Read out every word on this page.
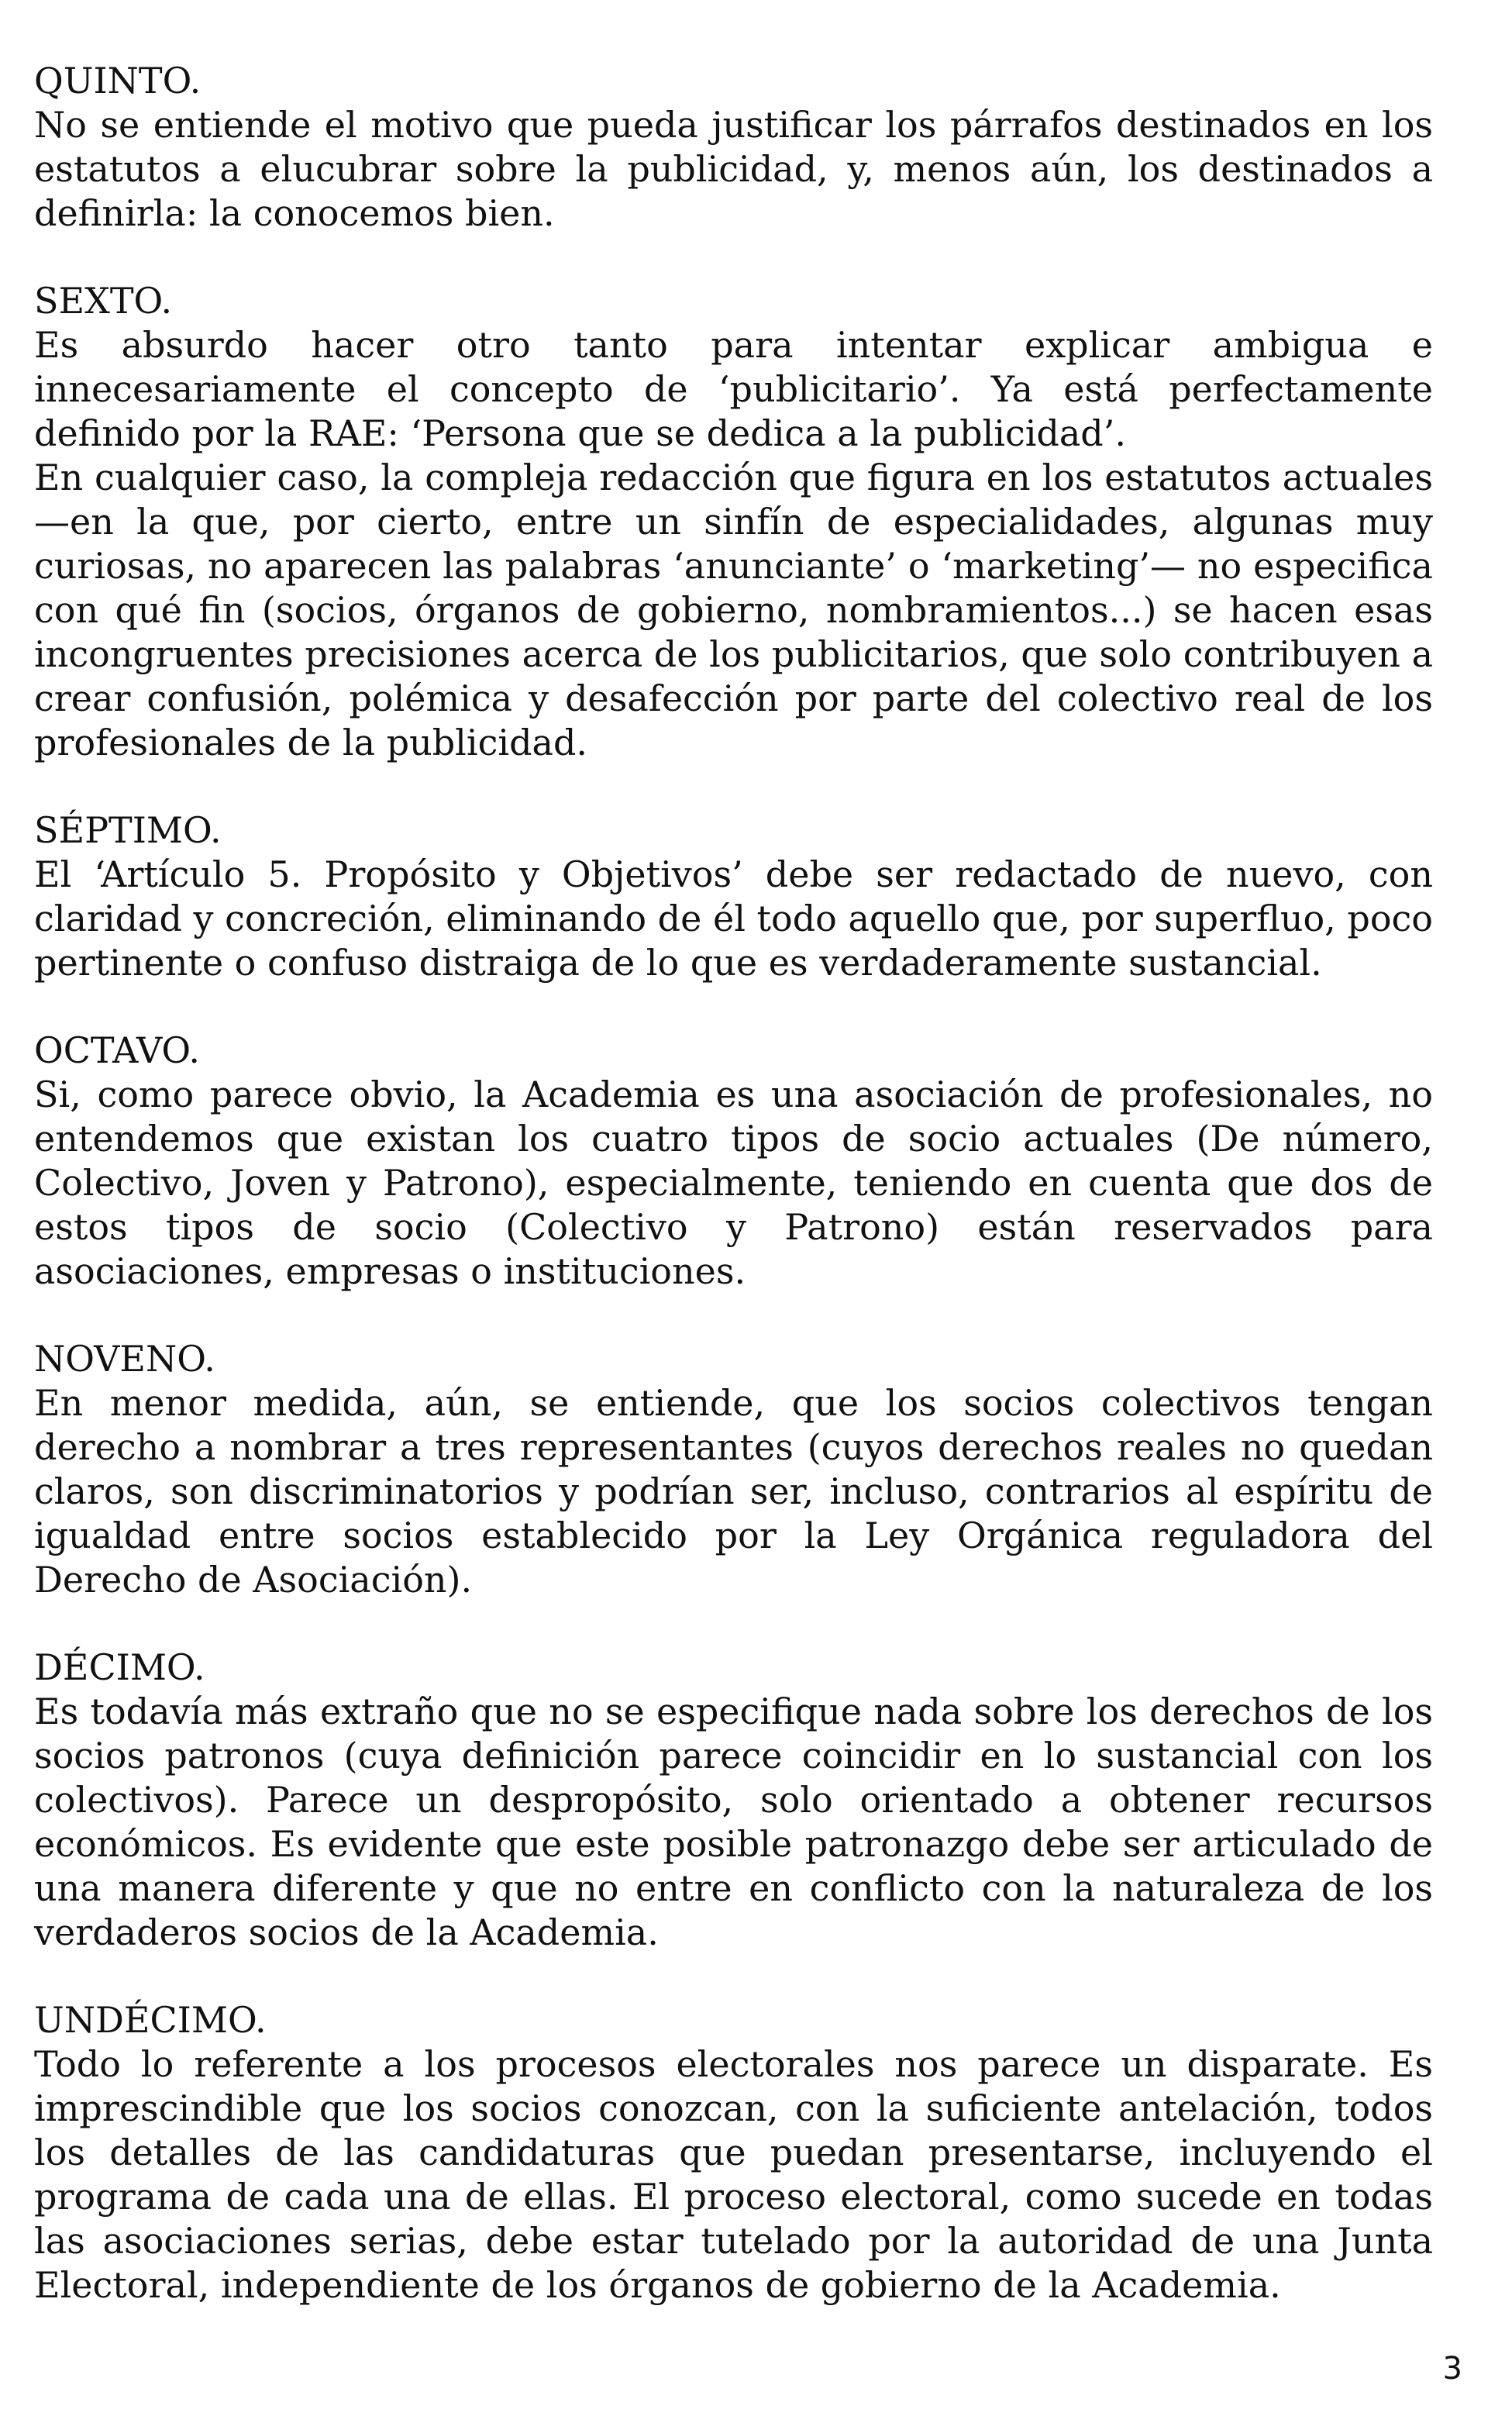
QUINTO.

No se entiende el motivo que pueda justificar los párrafos destinados en los estatutos a elucubrar sobre la publicidad, y, menos aún, los destinados a definirla: la conocemos bien.

SEXTO.

Es absurdo hacer otro tanto para intentar explicar ambigua e innecesariamente el concepto de ‘publicitario’. Ya está perfectamente definido por la RAE: ‘Persona que se dedica a la publicidad’.

En cualquier caso, la compleja redacción que figura en los estatutos actuales —en la que, por cierto, entre un sinfín de especialidades, algunas muy curiosas, no aparecen las palabras ‘anunciante’ o ‘marketing’— no especifica con qué fin (socios, órganos de gobierno, nombramientos...) se hacen esas incongruentes precisiones acerca de los publicitarios, que solo contribuyen a crear confusión, polémica y desafección por parte del colectivo real de los profesionales de la publicidad.

SÉPTIMO.

El ‘Artículo 5. Propósito y Objetivos’ debe ser redactado de nuevo, con claridad y concreción, eliminando de él todo aquello que, por superfluo, poco pertinente o confuso distraiga de lo que es verdaderamente sustancial.

OCTAVO.

Si, como parece obvio, la Academia es una asociación de profesionales, no entendemos que existan los cuatro tipos de socio actuales (De número, Colectivo, Joven y Patrono), especialmente, teniendo en cuenta que dos de estos tipos de socio (Colectivo y Patrono) están reservados para asociaciones, empresas o instituciones.

NOVENO.

En menor medida, aún, se entiende, que los socios colectivos tengan derecho a nombrar a tres representantes (cuyos derechos reales no quedan claros, son discriminatorios y podrían ser, incluso, contrarios al espíritu de igualdad entre socios establecido por la Ley Orgánica reguladora del Derecho de Asociación).

DÉCIMO.

Es todavía más extraño que no se especifique nada sobre los derechos de los socios patronos (cuya definición parece coincidir en lo sustancial con los colectivos). Parece un despropósito, solo orientado a obtener recursos económicos. Es evidente que este posible patronazgo debe ser articulado de una manera diferente y que no entre en conflicto con la naturaleza de los verdaderos socios de la Academia.

UNDÉCIMO.

Todo lo referente a los procesos electorales nos parece un disparate. Es imprescindible que los socios conozcan, con la suficiente antelación, todos los detalles de las candidaturas que puedan presentarse, incluyendo el programa de cada una de ellas. El proceso electoral, como sucede en todas las asociaciones serias, debe estar tutelado por la autoridad de una Junta Electoral, independiente de los órganos de gobierno de la Academia.

3
